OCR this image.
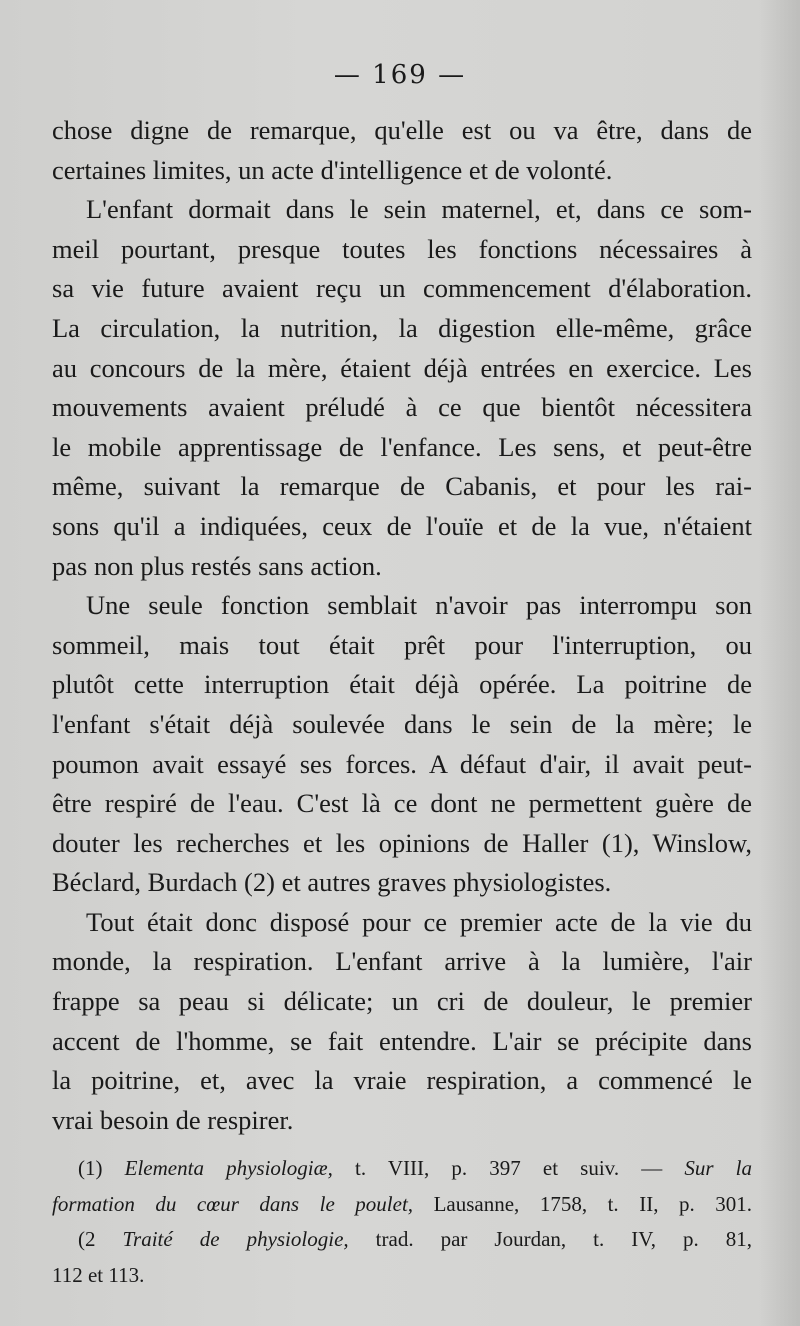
— 169 —
chose digne de remarque, qu'elle est ou va être, dans de
certaines limites, un acte d'intelligence et de volonté.
L'enfant dormait dans le sein maternel, et, dans ce som-
meil pourtant, presque toutes les fonctions nécessaires à
sa vie future avaient reçu un commencement d'élaboration.
La circulation, la nutrition, la digestion elle-même, grâce
au concours de la mère, étaient déjà entrées en exercice. Les
mouvements avaient préludé à ce que bientôt nécessitera
le mobile apprentissage de l'enfance. Les sens, et peut-être
même, suivant la remarque de Cabanis, et pour les rai-
sons qu'il a indiquées, ceux de l'ouïe et de la vue, n'étaient
pas non plus restés sans action.
Une seule fonction semblait n'avoir pas interrompu son
sommeil, mais tout était prêt pour l'interruption, ou
plutôt cette interruption était déjà opérée. La poitrine de
l'enfant s'était déjà soulevée dans le sein de la mère; le
poumon avait essayé ses forces. A défaut d'air, il avait peut-
être respiré de l'eau. C'est là ce dont ne permettent guère de
douter les recherches et les opinions de Haller (1), Winslow,
Béclard, Burdach (2) et autres graves physiologistes.
Tout était donc disposé pour ce premier acte de la vie du
monde, la respiration. L'enfant arrive à la lumière, l'air
frappe sa peau si délicate; un cri de douleur, le premier
accent de l'homme, se fait entendre. L'air se précipite dans
la poitrine, et, avec la vraie respiration, a commencé le
vrai besoin de respirer.
(1) Elementa physiologiæ, t. VIII, p. 397 et suiv. — Sur la
formation du cœur dans le poulet, Lausanne, 1758, t. II, p. 301.
(2 Traité de physiologie, trad. par Jourdan, t. IV, p. 81,
112 et 113.
